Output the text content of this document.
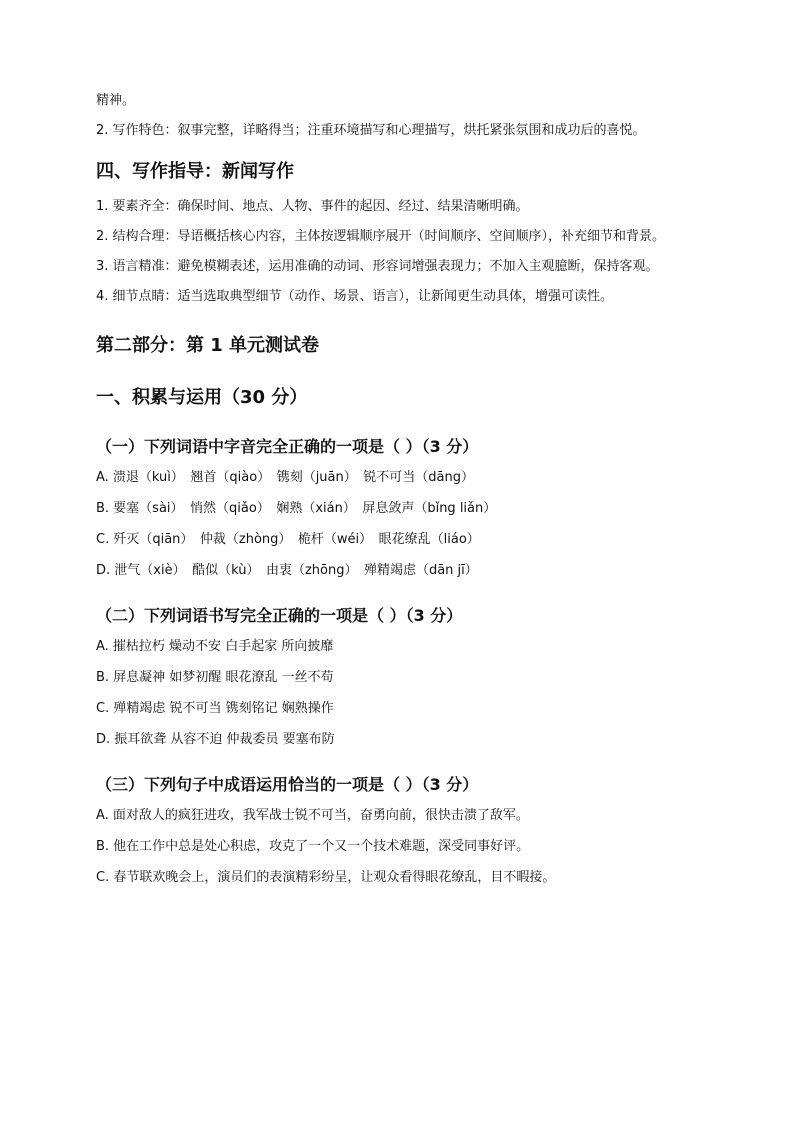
精神。

2. 写作特色：叙事完整，详略得当；注重环境描写和心理描写，烘托紧张氛围和成功后的喜悦。

四、写作指导：新闻写作

1. 要素齐全：确保时间、地点、人物、事件的起因、经过、结果清晰明确。

2. 结构合理：导语概括核心内容，主体按逻辑顺序展开（时间顺序、空间顺序），补充细节和背景。

3. 语言精准：避免模糊表述，运用准确的动词、形容词增强表现力；不加入主观臆断，保持客观。

4. 细节点睛：适当选取典型细节（动作、场景、语言），让新闻更生动具体，增强可读性。

第二部分：第 1 单元测试卷
一、积累与运用（30 分）
（一）下列词语中字音完全正确的一项是（ ）（3 分）

A. 溃退（kuì）　翘首（qiào）　镌刻（juān）　锐不可当（dāng）

B. 要塞（sài）　悄然（qiǎo）　娴熟（xián）　屏息敛声（bǐng liǎn）

C. 歼灭（qiān）　仲裁（zhòng）　桅杆（wéi）　眼花缭乱（liáo）

D. 泄气（xiè）　酷似（kù）　由衷（zhōng）　殚精竭虑（dān jī）

（二）下列词语书写完全正确的一项是（ ）（3 分）

A. 摧枯拉朽 燥动不安 白手起家 所向披靡

B. 屏息凝神 如梦初醒 眼花潦乱 一丝不苟

C. 殚精竭虑 锐不可当 镌刻铭记 娴熟操作

D. 振耳欲聋 从容不迫 仲裁委员 要塞布防

（三）下列句子中成语运用恰当的一项是（ ）（3 分）

A. 面对敌人的疯狂进攻，我军战士锐不可当，奋勇向前，很快击溃了敌军。

B. 他在工作中总是处心积虑，攻克了一个又一个技术难题，深受同事好评。

C. 春节联欢晚会上，演员们的表演精彩纷呈，让观众看得眼花缭乱，目不暇接。
